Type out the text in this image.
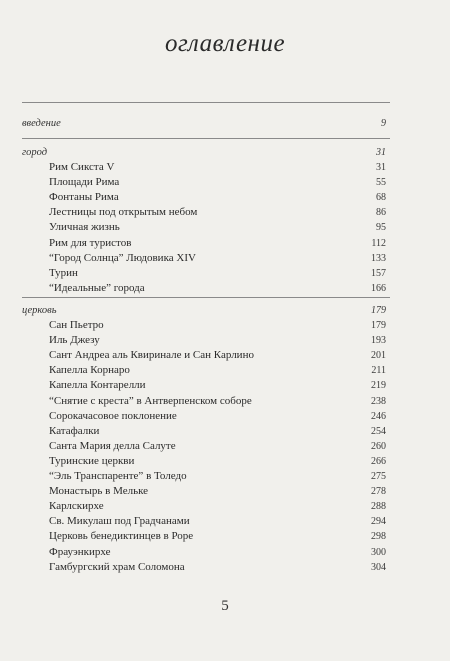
оглавление
введение	9
город	31
Рим Сикста V	31
Площади Рима	55
Фонтаны Рима	68
Лестницы под открытым небом	86
Уличная жизнь	95
Рим для туристов	112
“Город Солнца” Людовика XIV	133
Турин	157
“Идеальные” города	166
церковь	179
Сан Пьетро	179
Иль Джезу	193
Сант Андреа аль Квиринале и Сан Карлино	201
Капелла Корнаро	211
Капелла Контарелли	219
“Снятие с креста” в Антверпенском соборе	238
Сорокачасовое поклонение	246
Катафалки	254
Санта Мария делла Салуте	260
Туринские церкви	266
“Эль Транспаренте” в Толедо	275
Монастырь в Мельке	278
Карлскирхе	288
Св. Микулаш под Градчанами	294
Церковь бенедиктинцев в Роре	298
Фрауэнкирхе	300
Гамбургский храм Соломона	304
5
